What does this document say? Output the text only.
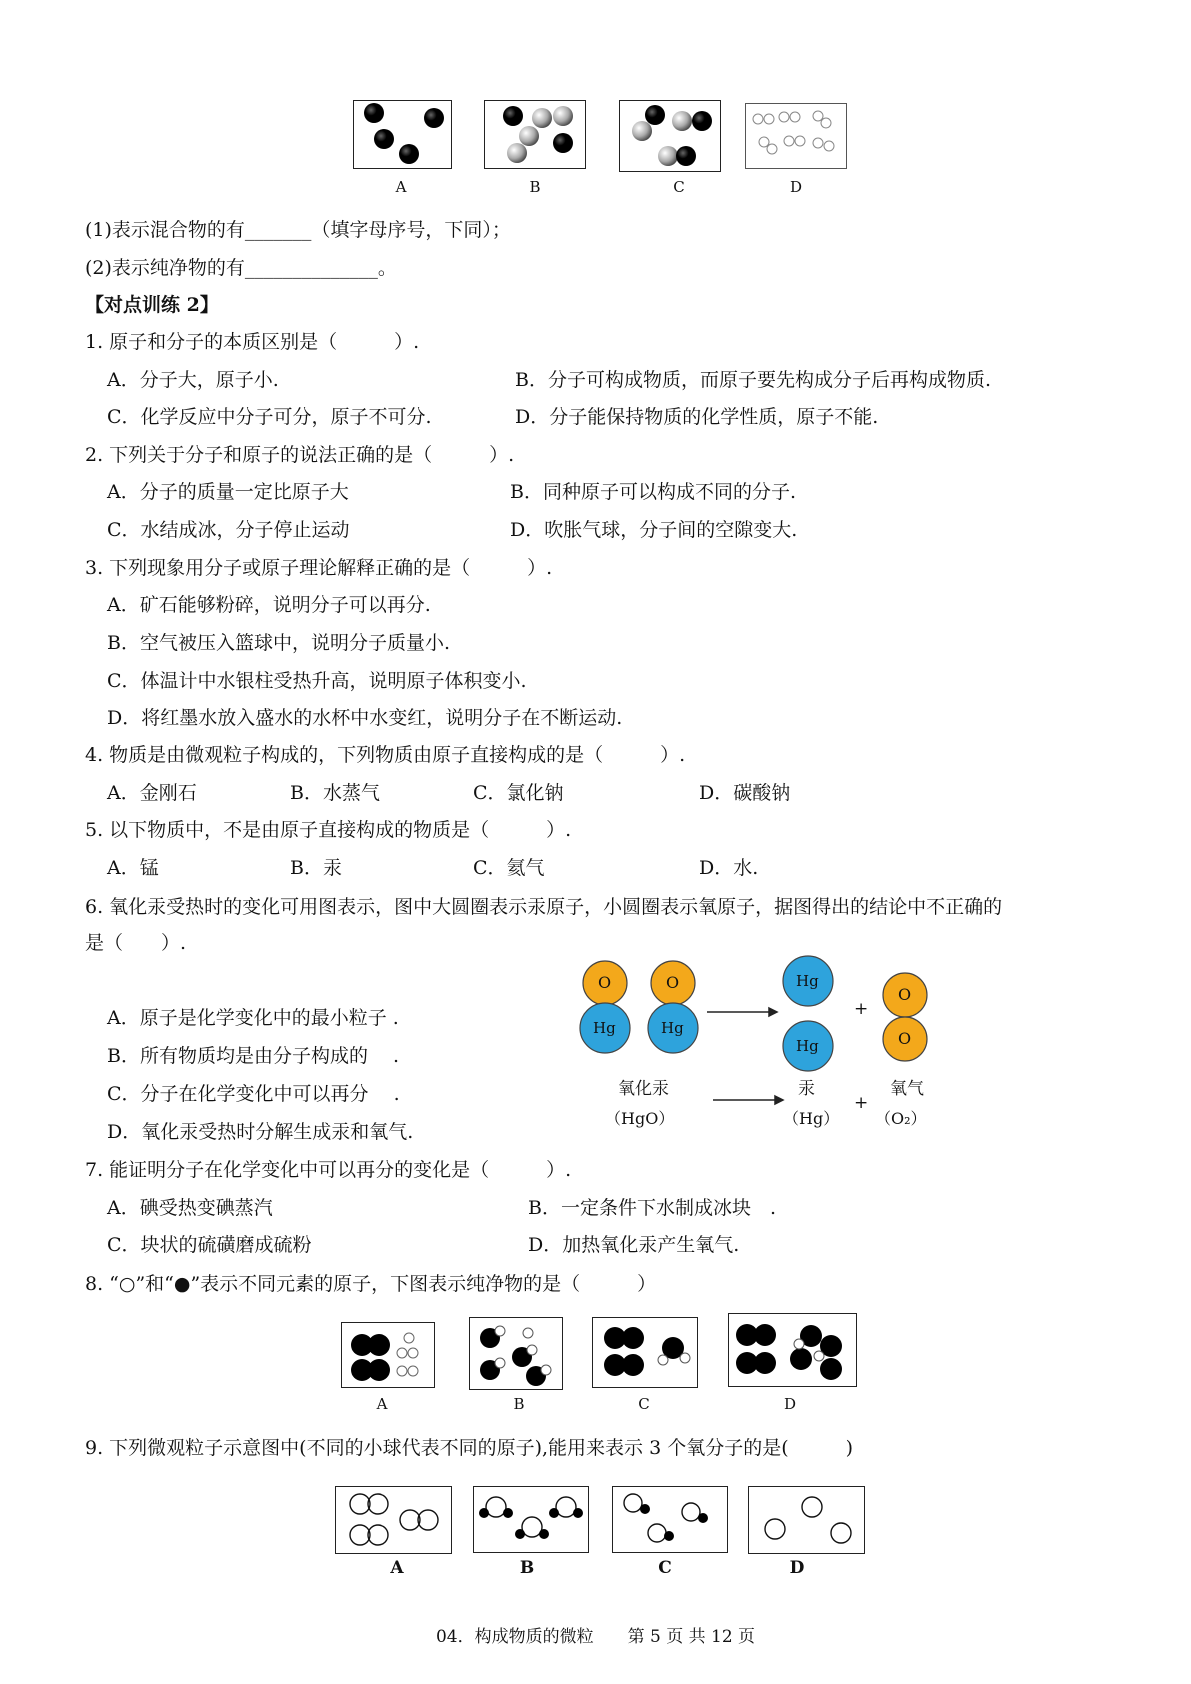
A	B	C	D
(1)表示混合物的有_______（填字母序号，下同）；
(2)表示纯净物的有______________。
【对点训练 2】
1. 原子和分子的本质区别是（　　　）.
A．分子大，原子小.	B．分子可构成物质，而原子要先构成分子后再构成物质.
C．化学反应中分子可分，原子不可分.	D．分子能保持物质的化学性质，原子不能.
2. 下列关于分子和原子的说法正确的是（　　　）.
A．分子的质量一定比原子大	B．同种原子可以构成不同的分子.
C．水结成冰，分子停止运动	D．吹胀气球，分子间的空隙变大.
3. 下列现象用分子或原子理论解释正确的是（　　　）.
A．矿石能够粉碎，说明分子可以再分.
B．空气被压入篮球中，说明分子质量小.
C．体温计中水银柱受热升高，说明原子体积变小.
D．将红墨水放入盛水的水杯中水变红，说明分子在不断运动.
4. 物质是由微观粒子构成的，下列物质由原子直接构成的是（　　　）.
A．金刚石	B．水蒸气	C．氯化钠	D．碳酸钠
5. 以下物质中，不是由原子直接构成的物质是（　　　）.
A．锰	B．汞	C．氦气	D．水.
6. 氧化汞受热时的变化可用图表示，图中大圆圈表示汞原子，小圆圈表示氧原子，据图得出的结论中不正确的
是（　　）.
A．原子是化学变化中的最小粒子 .
B．所有物质均是由分子构成的　 .
C．分子在化学变化中可以再分　 .
D．氧化汞受热时分解生成汞和氧气.
O
Hg
O
Hg
Hg
Hg
O
O
+
氧化汞
（HgO）
汞
（Hg）
+
氧气
（O₂）
7. 能证明分子在化学变化中可以再分的变化是（　　　）.
A．碘受热变碘蒸汽	B．一定条件下水制成冰块　.
C．块状的硫磺磨成硫粉	D．加热氧化汞产生氧气.
8. “○”和“●”表示不同元素的原子，下图表示纯净物的是（　　　）
A	B	C	D
9. 下列微观粒子示意图中(不同的小球代表不同的原子),能用来表示 3 个氧分子的是(　　　)
A	B	C	D
04．构成物质的微粒　　第 5 页 共 12 页
